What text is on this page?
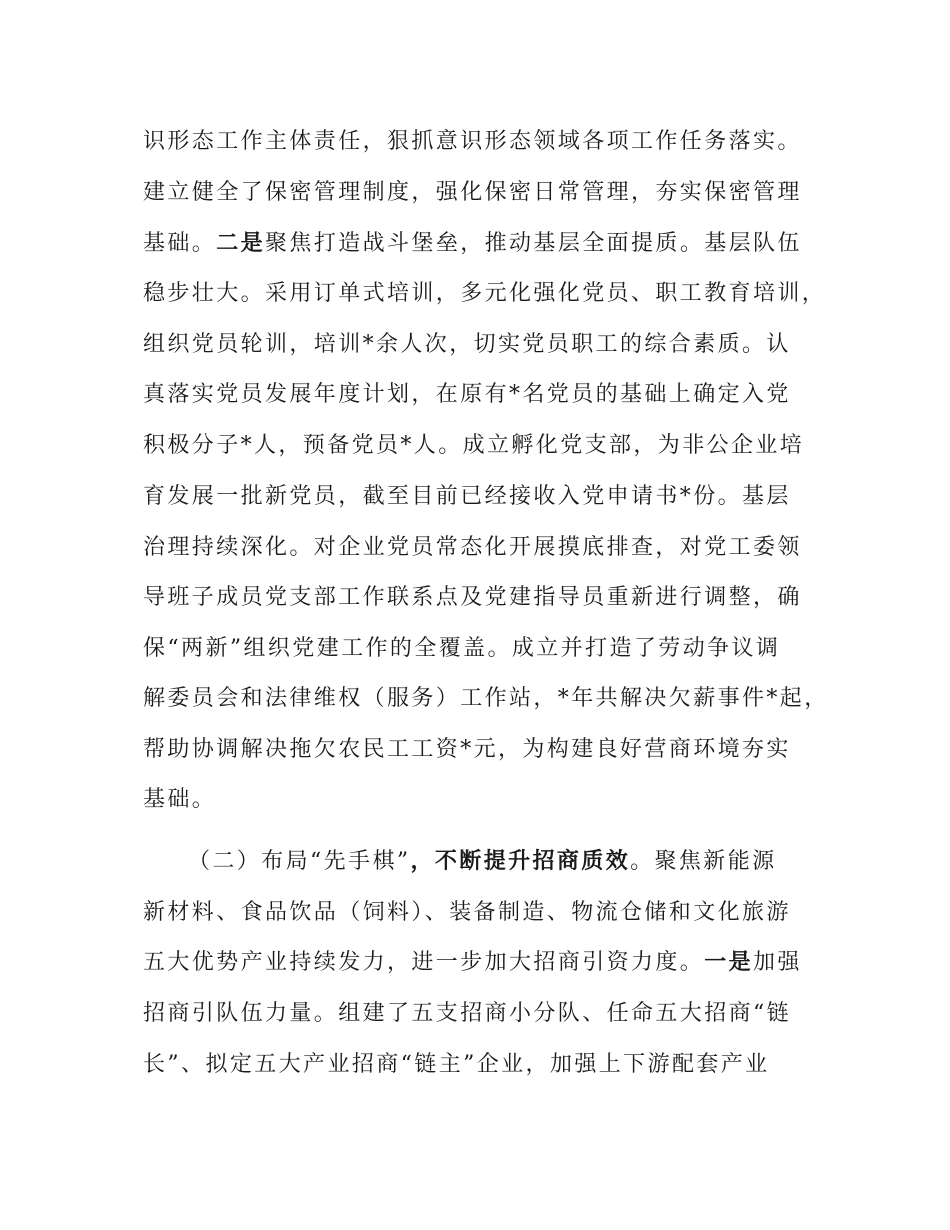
识形态工作主体责任，狠抓意识形态领域各项工作任务落实。
建立健全了保密管理制度，强化保密日常管理，夯实保密管理
基础。二是聚焦打造战斗堡垒，推动基层全面提质。基层队伍
稳步壮大。采用订单式培训，多元化强化党员、职工教育培训，
组织党员轮训，培训*余人次，切实党员职工的综合素质。认
真落实党员发展年度计划，在原有*名党员的基础上确定入党
积极分子*人，预备党员*人。成立孵化党支部，为非公企业培
育发展一批新党员，截至目前已经接收入党申请书*份。基层
治理持续深化。对企业党员常态化开展摸底排查，对党工委领
导班子成员党支部工作联系点及党建指导员重新进行调整，确
保“两新”组织党建工作的全覆盖。成立并打造了劳动争议调
解委员会和法律维权（服务）工作站，*年共解决欠薪事件*起，
帮助协调解决拖欠农民工工资*元，为构建良好营商环境夯实
基础。
（二）布局“先手棋”，不断提升招商质效。聚焦新能源
新材料、食品饮品（饲料）、装备制造、物流仓储和文化旅游
五大优势产业持续发力，进一步加大招商引资力度。一是加强
招商引队伍力量。组建了五支招商小分队、任命五大招商“链
长”、拟定五大产业招商“链主”企业，加强上下游配套产业
